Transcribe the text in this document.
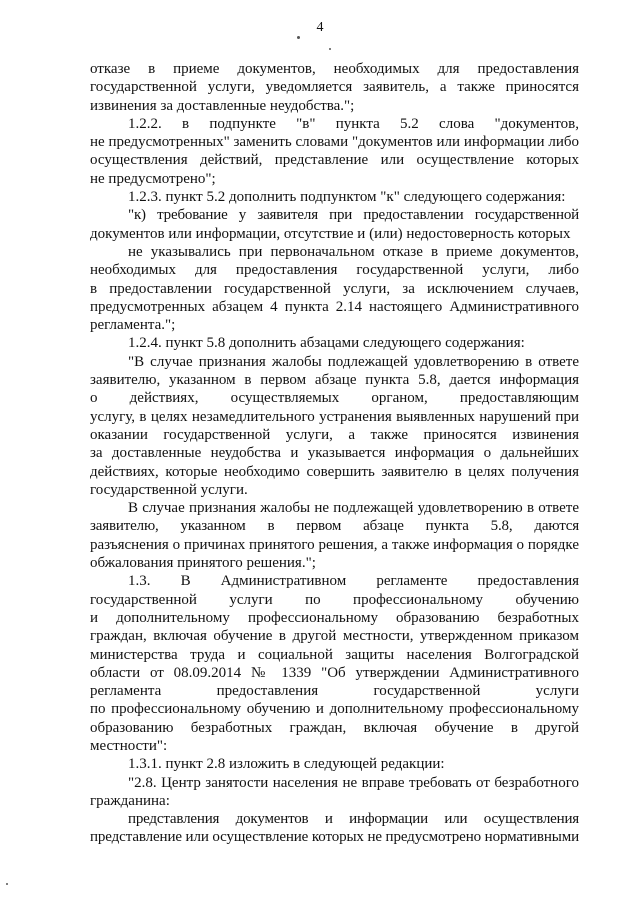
4
отказе в приеме документов, необходимых для предоставления
государственной услуги, уведомляется заявитель, а также приносятся
извинения за доставленные неудобства.";
1.2.2. в подпункте "в" пункта 5.2 слова "документов,
не предусмотренных" заменить словами "документов или информации либо
осуществления действий, представление или осуществление которых
не предусмотрено";
1.2.3. пункт 5.2 дополнить подпунктом "к" следующего содержания:
"к) требование у заявителя при предоставлении государственной
документов или информации, отсутствие и (или) недостоверность которых
не указывались при первоначальном отказе в приеме документов,
необходимых для предоставления государственной услуги, либо
в предоставлении государственной услуги, за исключением случаев,
предусмотренных абзацем 4 пункта 2.14 настоящего Административного
регламента.";
1.2.4. пункт 5.8 дополнить абзацами следующего содержания:
"В случае признания жалобы подлежащей удовлетворению в ответе
заявителю, указанном в первом абзаце пункта 5.8, дается информация
о действиях, осуществляемых органом, предоставляющим
услугу, в целях незамедлительного устранения выявленных нарушений при
оказании государственной услуги, а также приносятся извинения
за доставленные неудобства и указывается информация о дальнейших
действиях, которые необходимо совершить заявителю в целях получения
государственной услуги.
В случае признания жалобы не подлежащей удовлетворению в ответе
заявителю, указанном в первом абзаце пункта 5.8, даются
разъяснения о причинах принятого решения, а также информация о порядке
обжалования принятого решения.";
1.3. В Административном регламенте предоставления
государственной услуги по профессиональному обучению
и дополнительному профессиональному образованию безработных
граждан, включая обучение в другой местности, утвержденном приказом
министерства труда и социальной защиты населения Волгоградской
области от 08.09.2014 № 1339 "Об утверждении Административного
регламента предоставления государственной услуги
по профессиональному обучению и дополнительному профессиональному
образованию безработных граждан, включая обучение в другой
местности":
1.3.1. пункт 2.8 изложить в следующей редакции:
"2.8. Центр занятости населения не вправе требовать от безработного
гражданина:
представления документов и информации или осуществления
представление или осуществление которых не предусмотрено нормативными
